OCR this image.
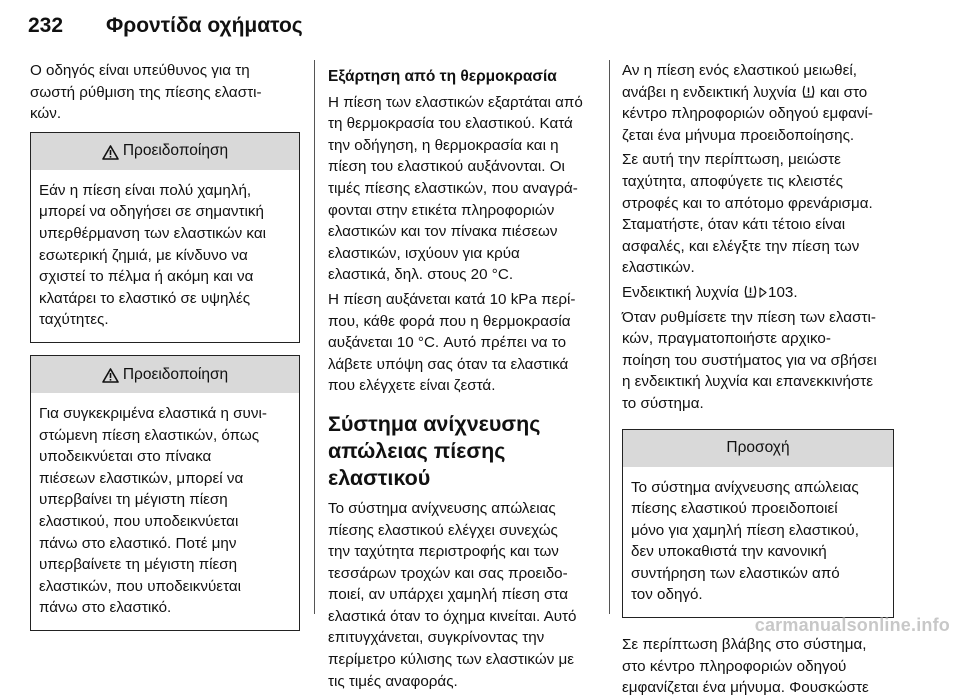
232	Φροντίδα οχήματος

Ο οδηγός είναι υπεύθυνος για τη
σωστή ρύθμιση της πίεσης ελαστι-
κών.

Προειδοποίηση
Εάν η πίεση είναι πολύ χαμηλή,
μπορεί να οδηγήσει σε σημαντική
υπερθέρμανση των ελαστικών και
εσωτερική ζημιά, με κίνδυνο να
σχιστεί το πέλμα ή ακόμη και να
κλατάρει το ελαστικό σε υψηλές
ταχύτητες.
Προειδοποίηση
Για συγκεκριμένα ελαστικά η συνι-
στώμενη πίεση ελαστικών, όπως
υποδεικνύεται στο πίνακα
πιέσεων ελαστικών, μπορεί να
υπερβαίνει τη μέγιστη πίεση
ελαστικού, που υποδεικνύεται
πάνω στο ελαστικό. Ποτέ μην
υπερβαίνετε τη μέγιστη πίεση
ελαστικών, που υποδεικνύεται
πάνω στο ελαστικό.
Εξάρτηση από τη θερμοκρασία

Η πίεση των ελαστικών εξαρτάται από
τη θερμοκρασία του ελαστικού. Κατά
την οδήγηση, η θερμοκρασία και η
πίεση του ελαστικού αυξάνονται. Οι
τιμές πίεσης ελαστικών, που αναγρά-
φονται στην ετικέτα πληροφοριών
ελαστικών και τον πίνακα πιέσεων
ελαστικών, ισχύουν για κρύα
ελαστικά, δηλ. στους 20 °C.

Η πίεση αυξάνεται κατά 10 kPa περί-
που, κάθε φορά που η θερμοκρασία
αυξάνεται 10 °C. Αυτό πρέπει να το
λάβετε υπόψη σας όταν τα ελαστικά
που ελέγχετε είναι ζεστά.

Σύστημα ανίχνευσης
απώλειας πίεσης ελαστικού

Το σύστημα ανίχνευσης απώλειας
πίεσης ελαστικού ελέγχει συνεχώς
την ταχύτητα περιστροφής και των
τεσσάρων τροχών και σας προειδο-
ποιεί, αν υπάρχει χαμηλή πίεση στα
ελαστικά όταν το όχημα κινείται. Αυτό
επιτυγχάνεται, συγκρίνοντας την
περίμετρο κύλισης των ελαστικών με
τις τιμές αναφοράς.

Αν η πίεση ενός ελαστικού μειωθεί,
ανάβει η ενδεικτική λυχνία  και στο
κέντρο πληροφοριών οδηγού εμφανί-
ζεται ένα μήνυμα προειδοποίησης.

Σε αυτή την περίπτωση, μειώστε
ταχύτητα, αποφύγετε τις κλειστές
στροφές και το απότομο φρενάρισμα.
Σταματήστε, όταν κάτι τέτοιο είναι
ασφαλές, και ελέγξτε την πίεση των
ελαστικών.

Ενδεικτική λυχνία 103.

Όταν ρυθμίσετε την πίεση των ελαστι-
κών, πραγματοποιήστε αρχικο-
ποίηση του συστήματος για να σβήσει
η ενδεικτική λυχνία και επανεκκινήστε
το σύστημα.

Προσοχή
Το σύστημα ανίχνευσης απώλειας
πίεσης ελαστικού προειδοποιεί
μόνο για χαμηλή πίεση ελαστικού,
δεν υποκαθιστά την κανονική
συντήρηση των ελαστικών από
τον οδηγό.

Σε περίπτωση βλάβης στο σύστημα,
στο κέντρο πληροφοριών οδηγού
εμφανίζεται ένα μήνυμα. Φουσκώστε

carmanualsonline.info
